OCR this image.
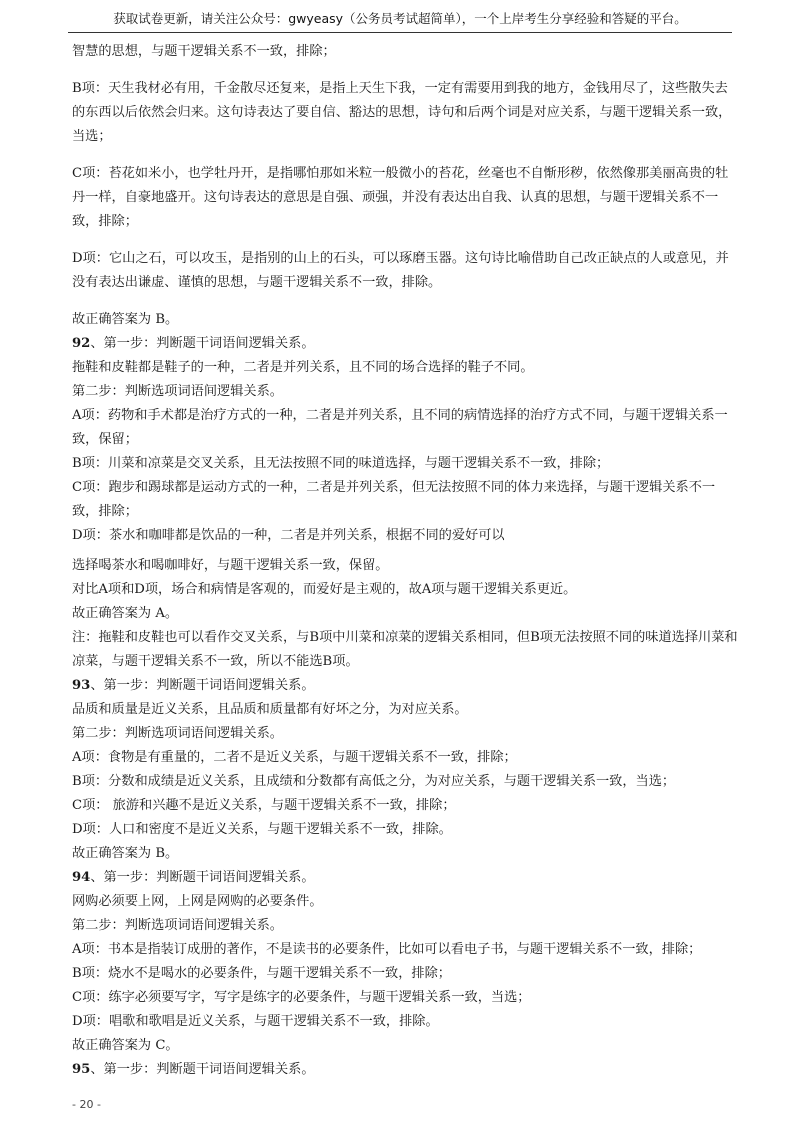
获取试卷更新，请关注公众号：gwyeasy（公务员考试超简单），一个上岸考生分享经验和答疑的平台。

智慧的思想，与题干逻辑关系不一致，排除；

B项：天生我材必有用，千金散尽还复来，是指上天生下我，一定有需要用到我的地方，金钱用尽了，这些散失去的东西以后依然会归来。这句诗表达了要自信、豁达的思想，诗句和后两个词是对应关系，与题干逻辑关系一致，当选；

C项：苔花如米小，也学牡丹开，是指哪怕那如米粒一般微小的苔花，丝毫也不自惭形秽，依然像那美丽高贵的牡丹一样，自豪地盛开。这句诗表达的意思是自强、顽强，并没有表达出自我、认真的思想，与题干逻辑关系不一致，排除；

D项：它山之石，可以攻玉，是指别的山上的石头，可以琢磨玉器。这句诗比喻借助自己改正缺点的人或意见，并没有表达出谦虚、谨慎的思想，与题干逻辑关系不一致，排除。

故正确答案为 B。

92、第一步：判断题干词语间逻辑关系。

拖鞋和皮鞋都是鞋子的一种，二者是并列关系，且不同的场合选择的鞋子不同。

第二步：判断选项词语间逻辑关系。

A项：药物和手术都是治疗方式的一种，二者是并列关系，且不同的病情选择的治疗方式不同，与题干逻辑关系一致，保留；

B项：川菜和凉菜是交叉关系，且无法按照不同的味道选择，与题干逻辑关系不一致，排除；

C项：跑步和踢球都是运动方式的一种，二者是并列关系，但无法按照不同的体力来选择，与题干逻辑关系不一致，排除；

D项：茶水和咖啡都是饮品的一种，二者是并列关系，根据不同的爱好可以

选择喝茶水和喝咖啡好，与题干逻辑关系一致，保留。

对比A项和D项，场合和病情是客观的，而爱好是主观的，故A项与题干逻辑关系更近。

故正确答案为 A。

注：拖鞋和皮鞋也可以看作交叉关系，与B项中川菜和凉菜的逻辑关系相同，但B项无法按照不同的味道选择川菜和凉菜，与题干逻辑关系不一致，所以不能选B项。

93、第一步：判断题干词语间逻辑关系。

品质和质量是近义关系，且品质和质量都有好坏之分，为对应关系。

第二步：判断选项词语间逻辑关系。

A项：食物是有重量的，二者不是近义关系，与题干逻辑关系不一致，排除；

B项：分数和成绩是近义关系，且成绩和分数都有高低之分，为对应关系，与题干逻辑关系一致，当选；

C项： 旅游和兴趣不是近义关系，与题干逻辑关系不一致，排除；

D项：人口和密度不是近义关系，与题干逻辑关系不一致，排除。

故正确答案为 B。

94、第一步：判断题干词语间逻辑关系。

网购必须要上网，上网是网购的必要条件。

第二步：判断选项词语间逻辑关系。

A项：书本是指装订成册的著作，不是读书的必要条件，比如可以看电子书，与题干逻辑关系不一致，排除；

B项：烧水不是喝水的必要条件，与题干逻辑关系不一致，排除；

C项：练字必须要写字，写字是练字的必要条件，与题干逻辑关系一致，当选；

D项：唱歌和歌唱是近义关系，与题干逻辑关系不一致，排除。

故正确答案为 C。

95、第一步：判断题干词语间逻辑关系。

- 20 -
